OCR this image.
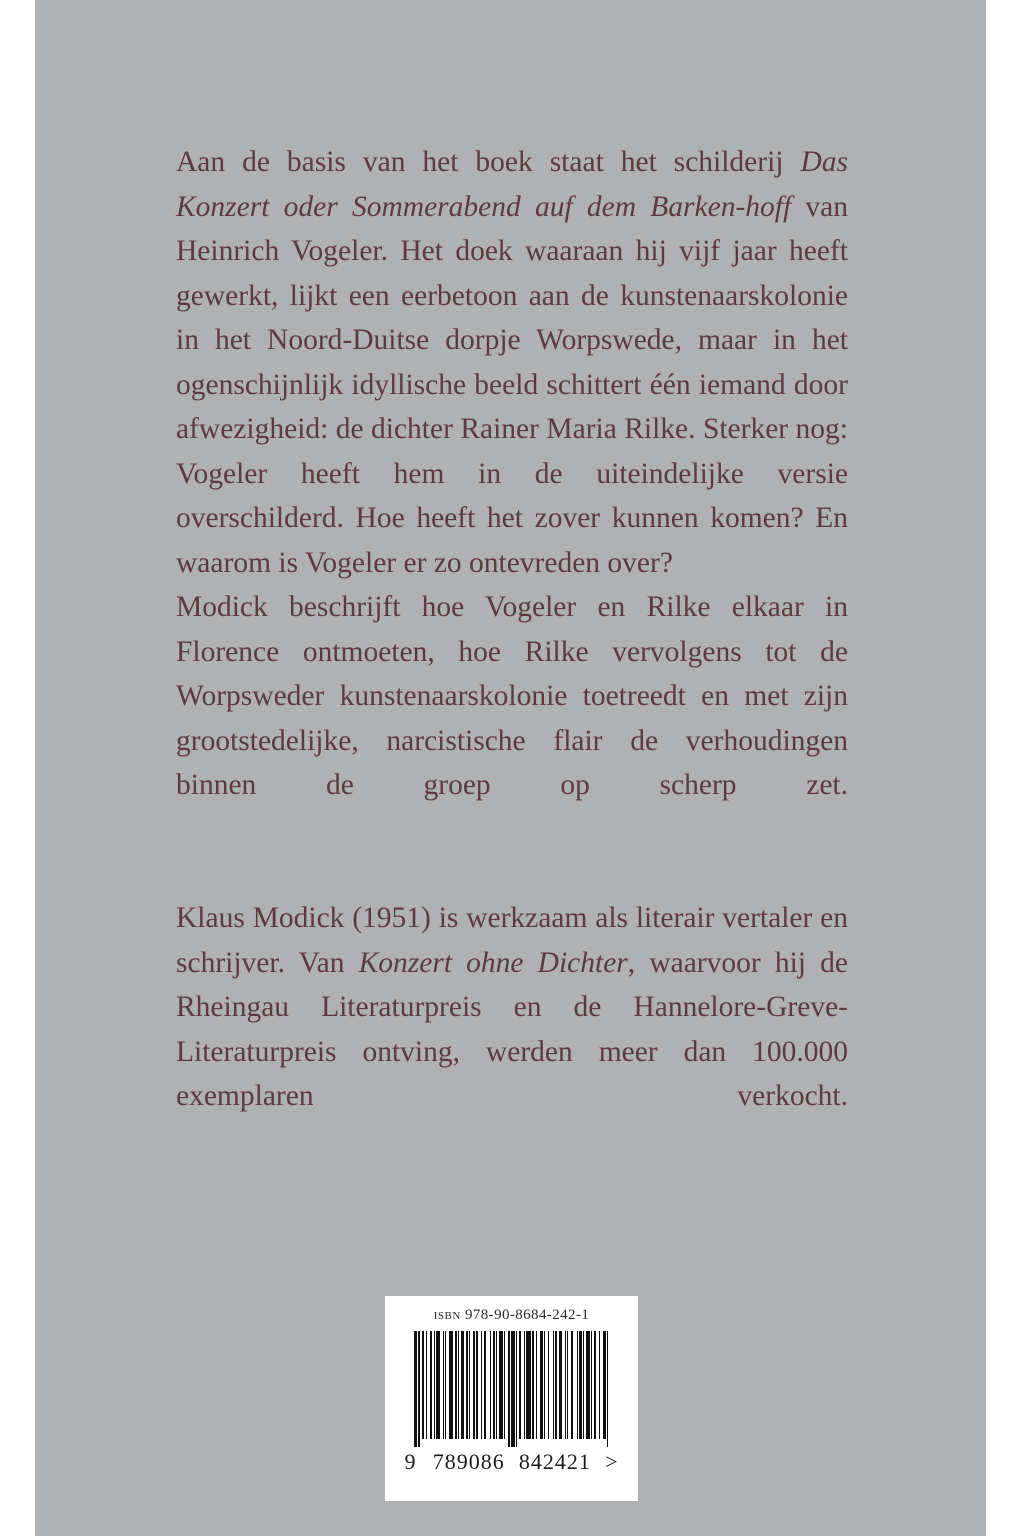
Aan de basis van het boek staat het schilderij Das Konzert oder Sommerabend auf dem Barken-hoff van Heinrich Vogeler. Het doek waaraan hij vijf jaar heeft gewerkt, lijkt een eerbetoon aan de kunstenaarskolonie in het Noord-Duitse dorpje Worpswede, maar in het ogenschijnlijk idyllische beeld schittert één iemand door afwezigheid: de dichter Rainer Maria Rilke. Sterker nog: Vogeler heeft hem in de uiteindelijke versie overschilderd. Hoe heeft het zover kunnen komen? En waarom is Vogeler er zo ontevreden over?
Modick beschrijft hoe Vogeler en Rilke elkaar in Florence ontmoeten, hoe Rilke vervolgens tot de Worpsweder kunstenaarskolonie toetreedt en met zijn grootstedelijke, narcistische flair de verhoudingen binnen de groep op scherp zet.

Klaus Modick (1951) is werkzaam als literair vertaler en schrijver. Van Konzert ohne Dichter, waarvoor hij de Rheingau Literaturpreis en de Hannelore-Greve-Literaturpreis ontving, werden meer dan 100.000 exemplaren verkocht.

isbn 978-90-8684-242-1
9 789086 842421 >
